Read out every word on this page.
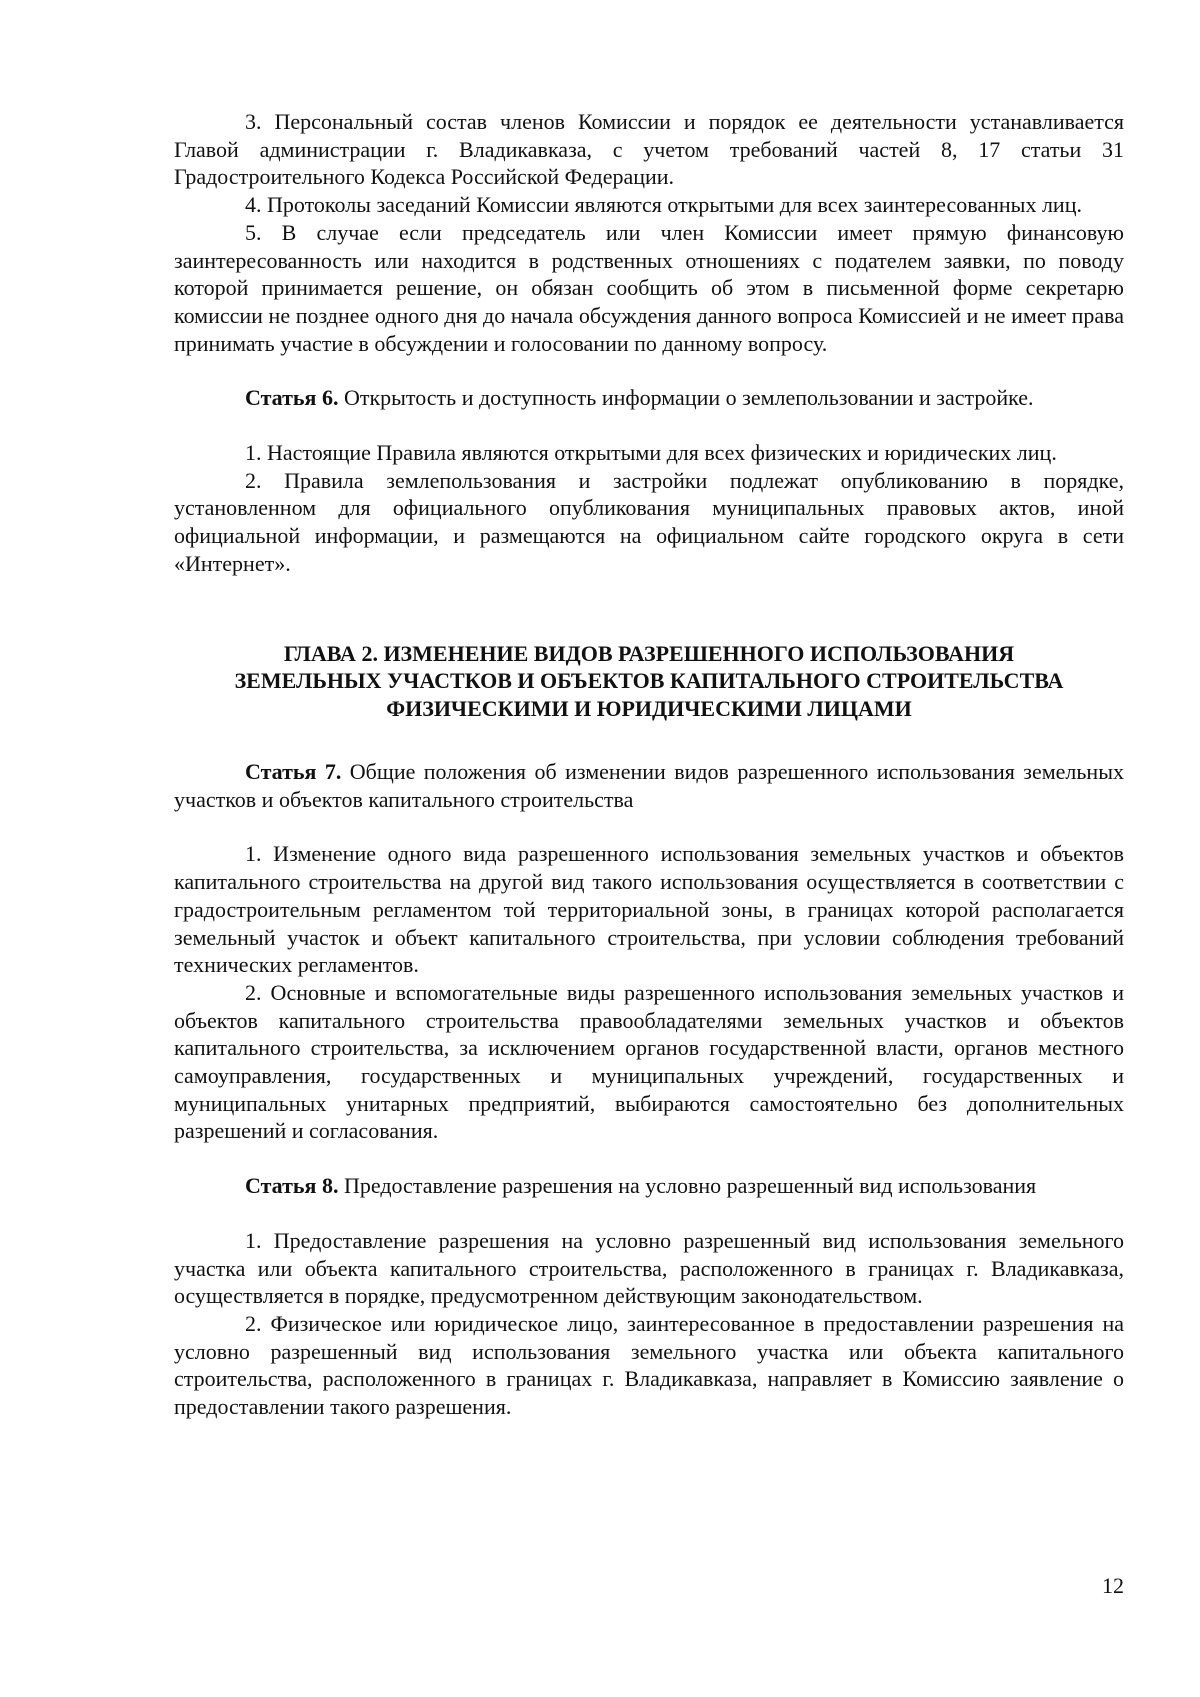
3. Персональный состав членов Комиссии и порядок ее деятельности устанавливается Главой администрации г. Владикавказа, с учетом требований частей 8, 17 статьи 31 Градостроительного Кодекса Российской Федерации.

4. Протоколы заседаний Комиссии являются открытыми для всех заинтересованных лиц.

5. В случае если председатель или член Комиссии имеет прямую финансовую заинтересованность или находится в родственных отношениях с подателем заявки, по поводу которой принимается решение, он обязан сообщить об этом в письменной форме секретарю комиссии не позднее одного дня до начала обсуждения данного вопроса Комиссией и не имеет права принимать участие в обсуждении и голосовании по данному вопросу.

Статья 6. Открытость и доступность информации о землепользовании и застройке.

1. Настоящие Правила являются открытыми для всех физических и юридических лиц.

2. Правила землепользования и застройки подлежат опубликованию в порядке, установленном для официального опубликования муниципальных правовых актов, иной официальной информации, и размещаются на официальном сайте городского округа в сети «Интернет».

ГЛАВА 2. ИЗМЕНЕНИЕ ВИДОВ РАЗРЕШЕННОГО ИСПОЛЬЗОВАНИЯ

ЗЕМЕЛЬНЫХ УЧАСТКОВ И ОБЪЕКТОВ КАПИТАЛЬНОГО СТРОИТЕЛЬСТВА

ФИЗИЧЕСКИМИ И ЮРИДИЧЕСКИМИ ЛИЦАМИ

Статья 7. Общие положения об изменении видов разрешенного использования земельных участков и объектов капитального строительства

1. Изменение одного вида разрешенного использования земельных участков и объектов капитального строительства на другой вид такого использования осуществляется в соответствии с градостроительным регламентом той территориальной зоны, в границах которой располагается земельный участок и объект капитального строительства, при условии соблюдения требований технических регламентов.

2. Основные и вспомогательные виды разрешенного использования земельных участков и объектов капитального строительства правообладателями земельных участков и объектов капитального строительства, за исключением органов государственной власти, органов местного самоуправления, государственных и муниципальных учреждений, государственных и муниципальных унитарных предприятий, выбираются самостоятельно без дополнительных разрешений и согласования.

Статья 8. Предоставление разрешения на условно разрешенный вид использования

1. Предоставление разрешения на условно разрешенный вид использования земельного участка или объекта капитального строительства, расположенного в границах г. Владикавказа, осуществляется в порядке, предусмотренном действующим законодательством.

2. Физическое или юридическое лицо, заинтересованное в предоставлении разрешения на условно разрешенный вид использования земельного участка или объекта капитального строительства, расположенного в границах г. Владикавказа, направляет в Комиссию заявление о предоставлении такого разрешения.

12
